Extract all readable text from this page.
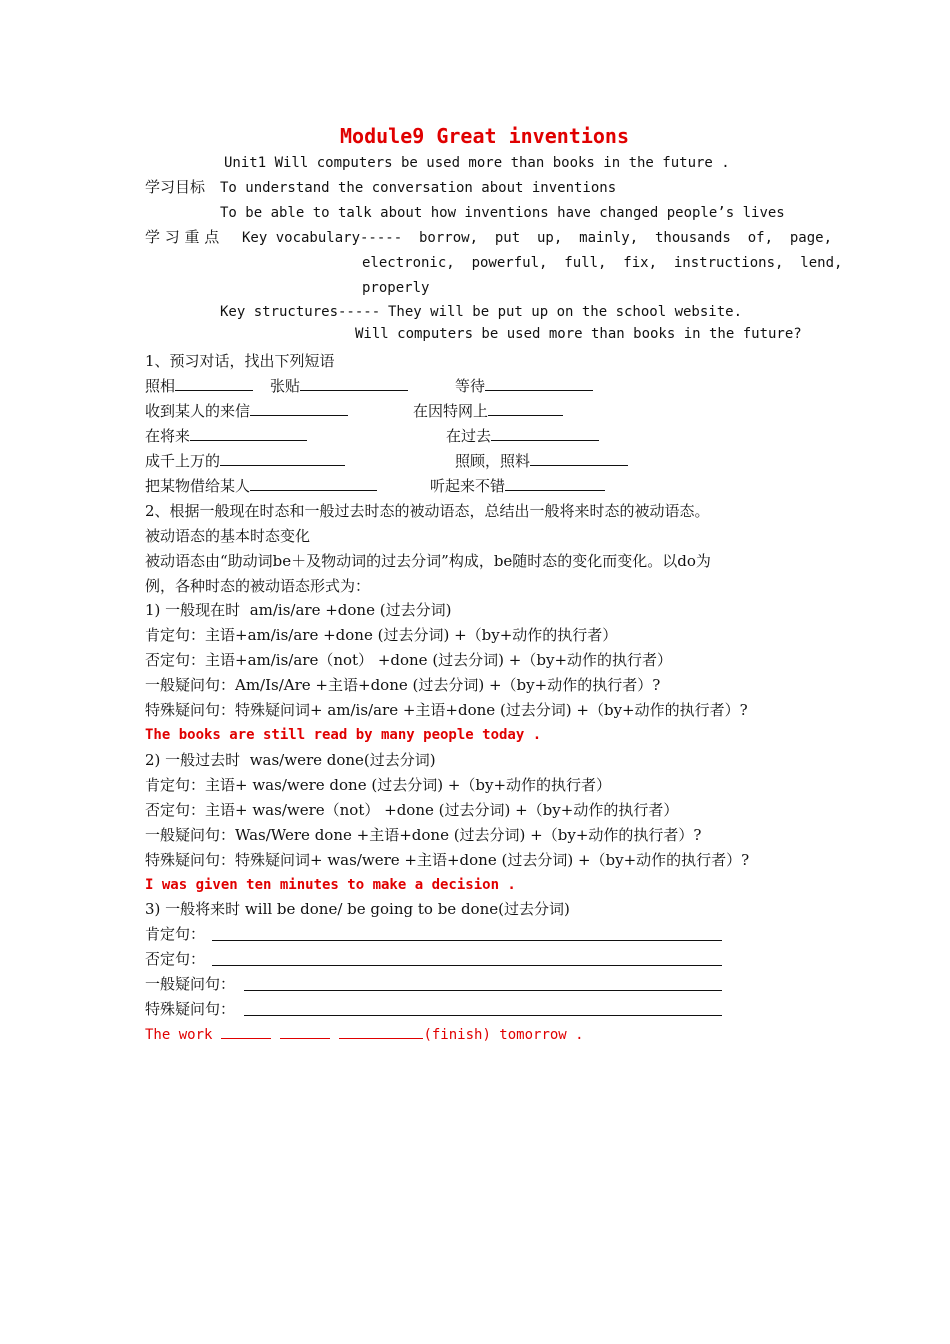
Module9 Great inventions
Unit1 Will computers be used more than books in the future .
学习目标 To understand the conversation about inventions
To be able to talk about how inventions have changed people’s lives
学 习 重 点 Key vocabulary----- borrow,  put  up,  mainly,  thousands  of,  page,
electronic,  powerful,  full,  fix,  instructions,  lend,
properly
Key structures----- They will be put up on the school website.
Will computers be used more than books in the future?
1、预习对话，找出下列短语
照相	张贴	等待
收到某人的来信	在因特网上
在将来	在过去
成千上万的	照顾，照料
把某物借给某人	听起来不错
2、根据一般现在时态和一般过去时态的被动语态，总结出一般将来时态的被动语态。
被动语态的基本时态变化
被动语态由“助动词be＋及物动词的过去分词”构成，be随时态的变化而变化。以do为
例，各种时态的被动语态形式为：
1) 一般现在时  am/is/are +done (过去分词)
肯定句：主语+am/is/are +done (过去分词) +（by+动作的执行者）
否定句：主语+am/is/are（not） +done (过去分词) +（by+动作的执行者）
一般疑问句：Am/Is/Are +主语+done (过去分词) +（by+动作的执行者）?
特殊疑问句：特殊疑问词+ am/is/are +主语+done (过去分词) +（by+动作的执行者）?
The books are still read by many people today .
2) 一般过去时  was/were done(过去分词)
肯定句：主语+ was/were done (过去分词) +（by+动作的执行者）
否定句：主语+ was/were（not） +done (过去分词) +（by+动作的执行者）
一般疑问句：Was/Were done +主语+done (过去分词) +（by+动作的执行者）?
特殊疑问句：特殊疑问词+ was/were +主语+done (过去分词) +（by+动作的执行者）?
I was given ten minutes to make a decision .
3) 一般将来时 will be done/ be going to be done(过去分词)
肯定句：
否定句：
一般疑问句：
特殊疑问句：
The work	(finish) tomorrow .
